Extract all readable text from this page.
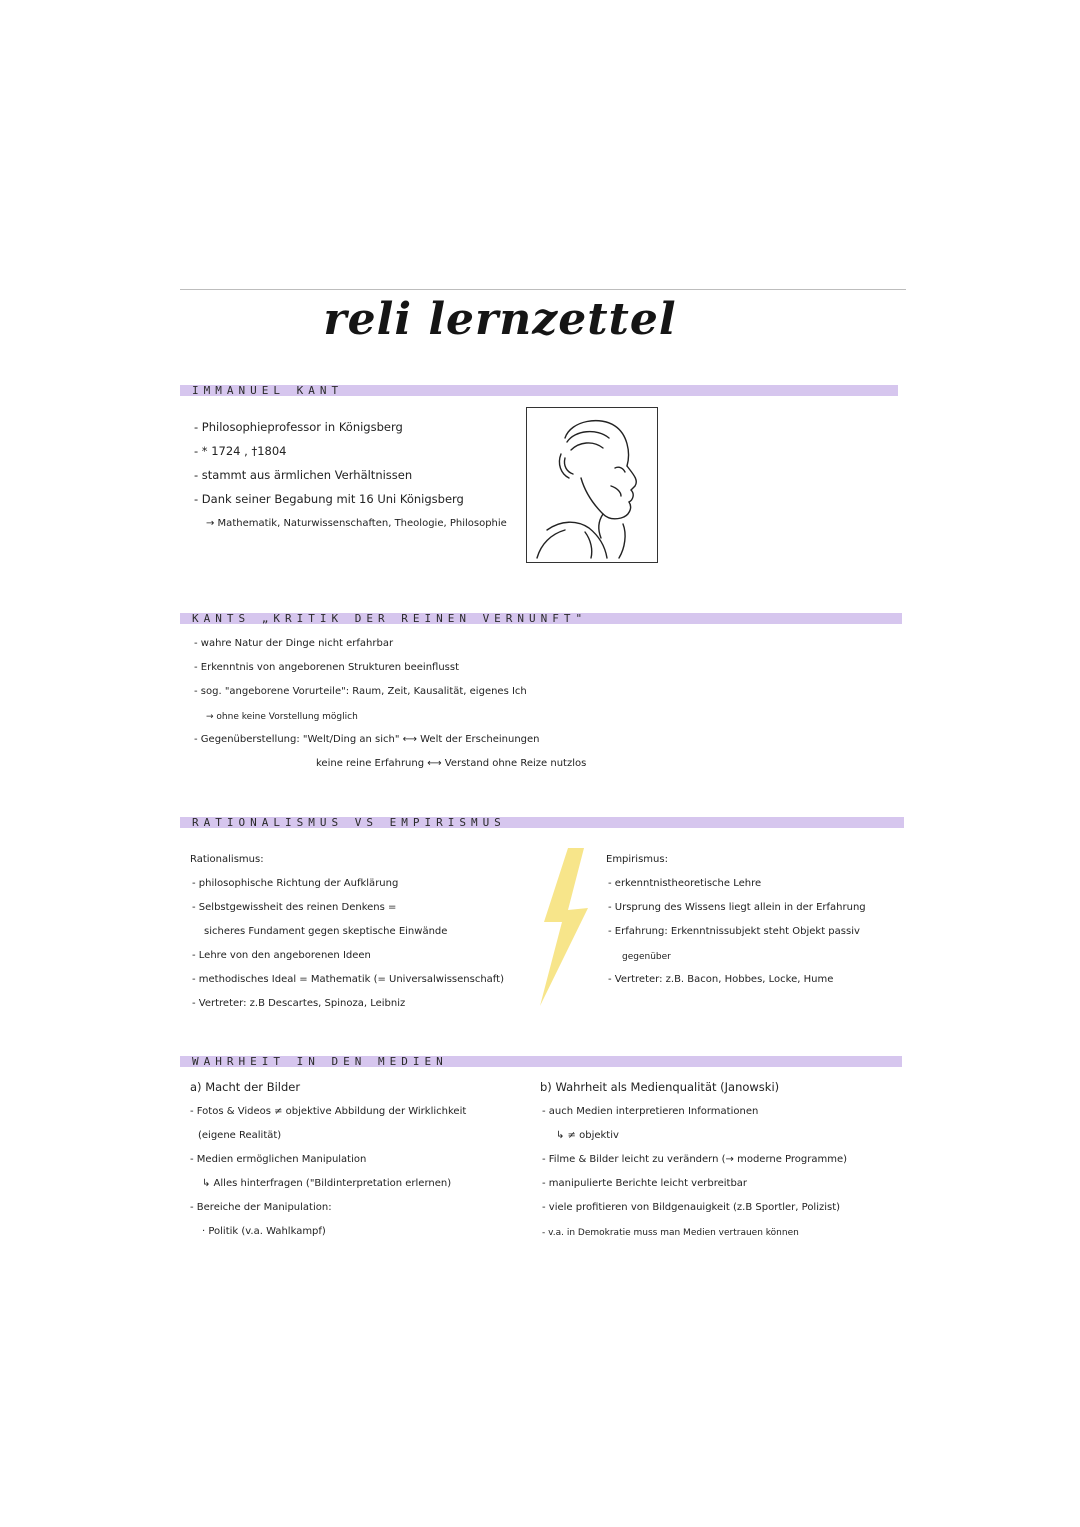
reli lernzettel
IMMANUEL KANT
- Philosophieprofessor in Königsberg
- * 1724 , †1804
- stammt aus ärmlichen Verhältnissen
- Dank seiner Begabung mit 16 Uni Königsberg
→ Mathematik, Naturwissenschaften, Theologie, Philosophie
KANTS „KRITIK DER REINEN VERNUNFT"
- wahre Natur der Dinge nicht erfahrbar
- Erkenntnis von angeborenen Strukturen beeinflusst
- sog. "angeborene Vorurteile": Raum, Zeit, Kausalität, eigenes Ich
→ ohne keine Vorstellung möglich
- Gegenüberstellung: "Welt/Ding an sich" ⟷ Welt der Erscheinungen
keine reine Erfahrung ⟷ Verstand ohne Reize nutzlos
RATIONALISMUS VS EMPIRISMUS
Rationalismus:
- philosophische Richtung der Aufklärung
- Selbstgewissheit des reinen Denkens =
sicheres Fundament gegen skeptische Einwände
- Lehre von den angeborenen Ideen
- methodisches Ideal = Mathematik (= Universalwissenschaft)
- Vertreter: z.B Descartes, Spinoza, Leibniz
Empirismus:
- erkenntnistheoretische Lehre
- Ursprung des Wissens liegt allein in der Erfahrung
- Erfahrung: Erkenntnissubjekt steht Objekt passiv
gegenüber
- Vertreter: z.B. Bacon, Hobbes, Locke, Hume
WAHRHEIT IN DEN MEDIEN
a) Macht der Bilder
- Fotos & Videos ≠ objektive Abbildung der Wirklichkeit
(eigene Realität)
- Medien ermöglichen Manipulation
↳ Alles hinterfragen ("Bildinterpretation erlernen)
- Bereiche der Manipulation:
· Politik (v.a. Wahlkampf)
b) Wahrheit als Medienqualität (Janowski)
- auch Medien interpretieren Informationen
↳ ≠ objektiv
- Filme & Bilder leicht zu verändern (→ moderne Programme)
- manipulierte Berichte leicht verbreitbar
- viele profitieren von Bildgenauigkeit (z.B Sportler, Polizist)
- v.a. in Demokratie muss man Medien vertrauen können
